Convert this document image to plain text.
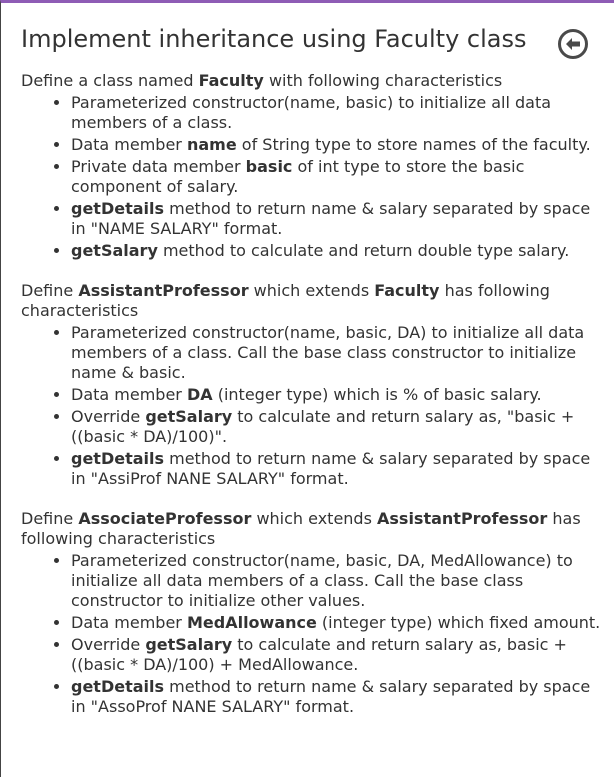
Implement inheritance using Faculty class

Define a class named Faculty with following characteristics

• Parameterized constructor(name, basic) to initialize all data members of a class.
• Data member name of String type to store names of the faculty.
• Private data member basic of int type to store the basic component of salary.
• getDetails method to return name & salary separated by space in "NAME SALARY" format.
• getSalary method to calculate and return double type salary.

Define AssistantProfessor which extends Faculty has following characteristics

• Parameterized constructor(name, basic, DA) to initialize all data members of a class. Call the base class constructor to initialize name & basic.
• Data member DA (integer type) which is % of basic salary.
• Override getSalary to calculate and return salary as, "basic + ((basic * DA)/100)".
• getDetails method to return name & salary separated by space in "AssiProf NANE SALARY" format.

Define AssociateProfessor which extends AssistantProfessor has following characteristics

• Parameterized constructor(name, basic, DA, MedAllowance) to initialize all data members of a class. Call the base class constructor to initialize other values.
• Data member MedAllowance (integer type) which fixed amount.
• Override getSalary to calculate and return salary as, basic + ((basic * DA)/100) + MedAllowance.
• getDetails method to return name & salary separated by space in "AssoProf NANE SALARY" format.
